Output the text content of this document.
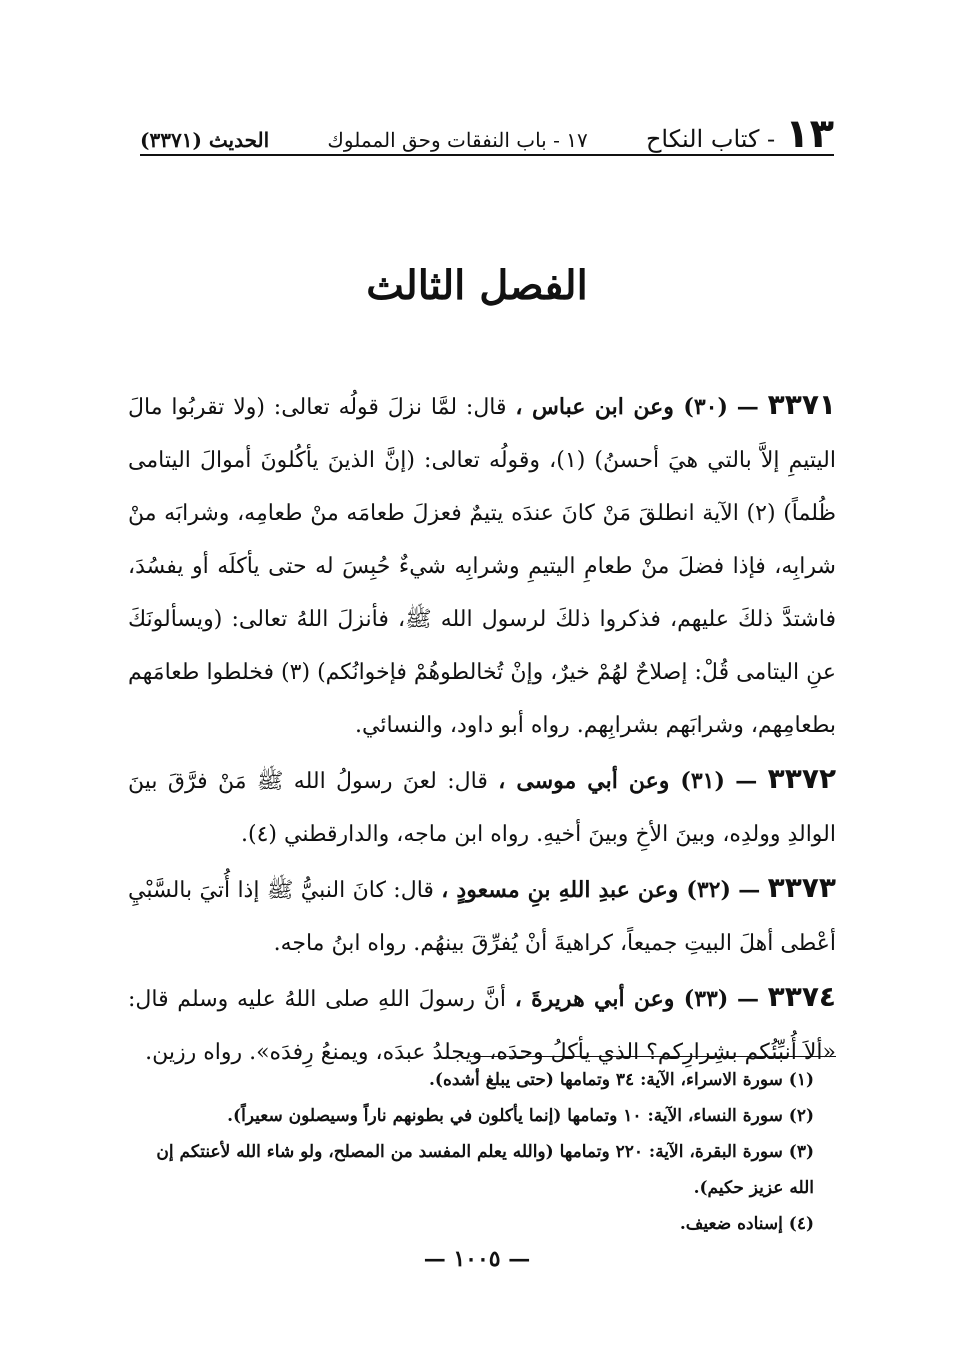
١٣
- كتاب النكاح
١٧ - باب النفقات وحق المملوك
الحديث (٣٣٧١)
الفصل الثالث

٣٣٧١ — (٣٠) وعن ابن عباس ، قال: لمَّا نزلَ قولُه تعالى: (ولا تقربُوا مالَ اليتيمِ إلاَّ بالتي هيَ أحسنُ) (١)، وقولُه تعالى: (إنَّ الذينَ يأكُلونَ أموالَ اليتامى ظُلماً) (٢) الآية انطلقَ مَنْ كانَ عندَه يتيمٌ فعزلَ طعامَه منْ طعامِه، وشرابَه منْ شرابِه، فإذا فضلَ منْ طعامِ اليتيمِ وشرابِه شيءٌ حُبِسَ له حتى يأكلَه أو يفسُدَ، فاشتدَّ ذلكَ عليهم، فذكروا ذلكَ لرسول الله ﷺ، فأنزلَ اللهُ تعالى: (ويسألونَكَ عنِ اليتامى قُلْ: إصلاحٌ لهُمْ خيرٌ، وإنْ تُخالطوهُمْ فإخوانُكم) (٣) فخلطوا طعامَهم بطعامِهم، وشرابَهم بشرابِهم. رواه أبو داود، والنسائي.

٣٣٧٢ — (٣١) وعن أبي موسى ، قال: لعنَ رسولُ الله ﷺ مَنْ فرَّقَ بينَ الوالدِ وولدِه، وبينَ الأخِ وبينَ أخيهِ. رواه ابن ماجه، والدارقطني (٤).

٣٣٧٣ — (٣٢) وعن عبدِ اللهِ بنِ مسعودٍ ، قال: كانَ النبيُّ ﷺ إذا أُتيَ بالسَّبْيِ أعْطى أهلَ البيتِ جميعاً، كراهيةَ أنْ يُفرِّقَ بينهُم. رواه ابنُ ماجه.

٣٣٧٤ — (٣٣) وعن أبي هريرةَ ، أنَّ رسولَ اللهِ صلى اللهُ عليه وسلم قال: «ألاَ أُنبِّئُكم بشِرارِكم؟ الذي يأكلُ وحدَه، ويجلدُ عبدَه، ويمنعُ رِفدَه». رواه رزين.

(١) سورة الاسراء، الآية: ٣٤ وتمامها (حتى يبلغ أشده).

(٢) سورة النساء، الآية: ١٠ وتمامها (إنما يأكلون في بطونهم ناراً وسيصلون سعيراً).

(٣) سورة البقرة، الآية: ٢٢٠ وتمامها (والله يعلم المفسد من المصلح، ولو شاء الله لأعنتكم إن الله عزيز حكيم).

(٤) إسناده ضعيف.

— ١٠٠٥ —
